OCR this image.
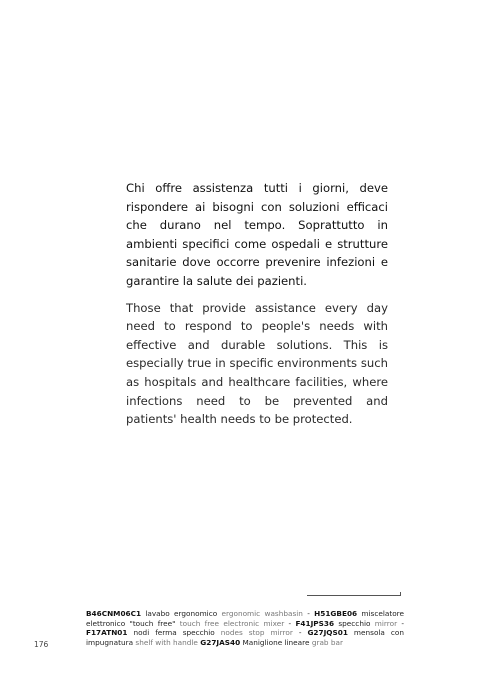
Chi offre assistenza tutti i giorni, deve rispondere ai bisogni con soluzioni efficaci che durano nel tempo. Soprattutto in ambienti specifici come ospedali e strutture sanitarie dove occorre prevenire infezioni e garantire la salute dei pazienti.

Those that provide assistance every day need to respond to people's needs with effective and durable solutions. This is especially true in specific environments such as hospitals and healthcare facilities, where infections need to be prevented and patients' health needs to be protected.

B46CNM06C1 lavabo ergonomico ergonomic washbasin - H51GBE06 miscelatore elettronico "touch free" touch free electronic mixer - F41JPS36 specchio mirror - F17ATN01 nodi ferma specchio nodes stop mirror - G27JQS01 mensola con impugnatura shelf with handle G27JAS40 Maniglione lineare grab bar
176
